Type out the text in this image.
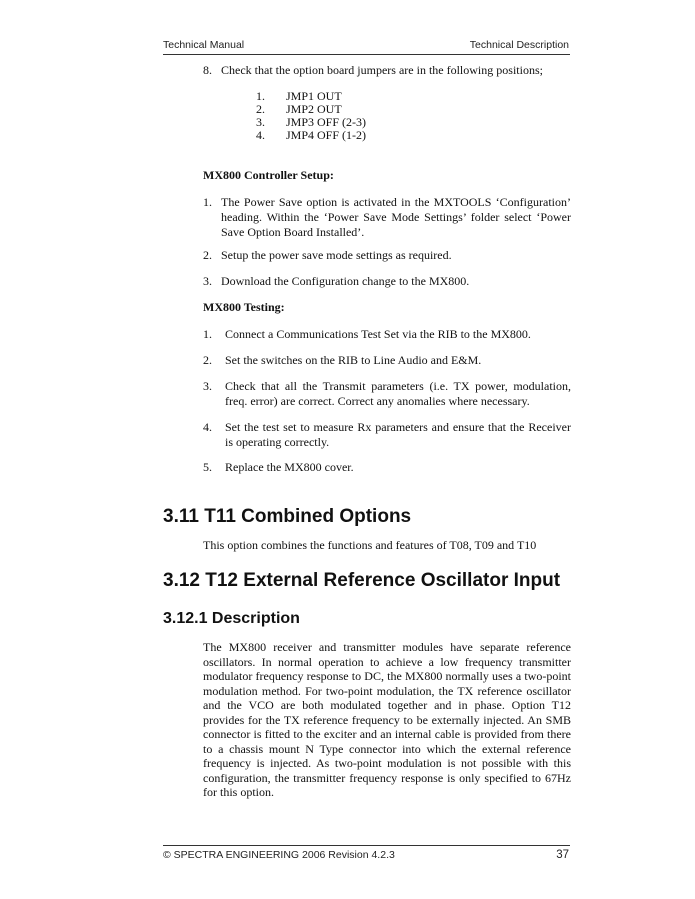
Technical Manual	Technical Description
8. Check that the option board jumpers are in the following positions;
1. JMP1 OUT
2. JMP2 OUT
3. JMP3 OFF (2-3)
4. JMP4 OFF (1-2)
MX800 Controller Setup:
1. The Power Save option is activated in the MXTOOLS ‘Configuration’ heading. Within the ‘Power Save Mode Settings’ folder select ‘Power Save Option Board Installed’.
2. Setup the power save mode settings as required.
3. Download the Configuration change to the MX800.
MX800 Testing:
1. Connect a Communications Test Set via the RIB to the MX800.
2. Set the switches on the RIB to Line Audio and E&M.
3. Check that all the Transmit parameters (i.e. TX power, modulation, freq. error) are correct. Correct any anomalies where necessary.
4. Set the test set to measure Rx parameters and ensure that the Receiver is operating correctly.
5. Replace the MX800 cover.
3.11 T11 Combined Options
This option combines the functions and features of T08, T09 and T10
3.12 T12 External Reference Oscillator Input
3.12.1 Description
The MX800 receiver and transmitter modules have separate reference oscillators. In normal operation to achieve a low frequency transmitter modulator frequency response to DC, the MX800 normally uses a two-point modulation method. For two-point modulation, the TX reference oscillator and the VCO are both modulated together and in phase. Option T12 provides for the TX reference frequency to be externally injected. An SMB connector is fitted to the exciter and an internal cable is provided from there to a chassis mount N Type connector into which the external reference frequency is injected. As two-point modulation is not possible with this configuration, the transmitter frequency response is only specified to 67Hz for this option.
© SPECTRA ENGINEERING 2006 Revision 4.2.3	37
